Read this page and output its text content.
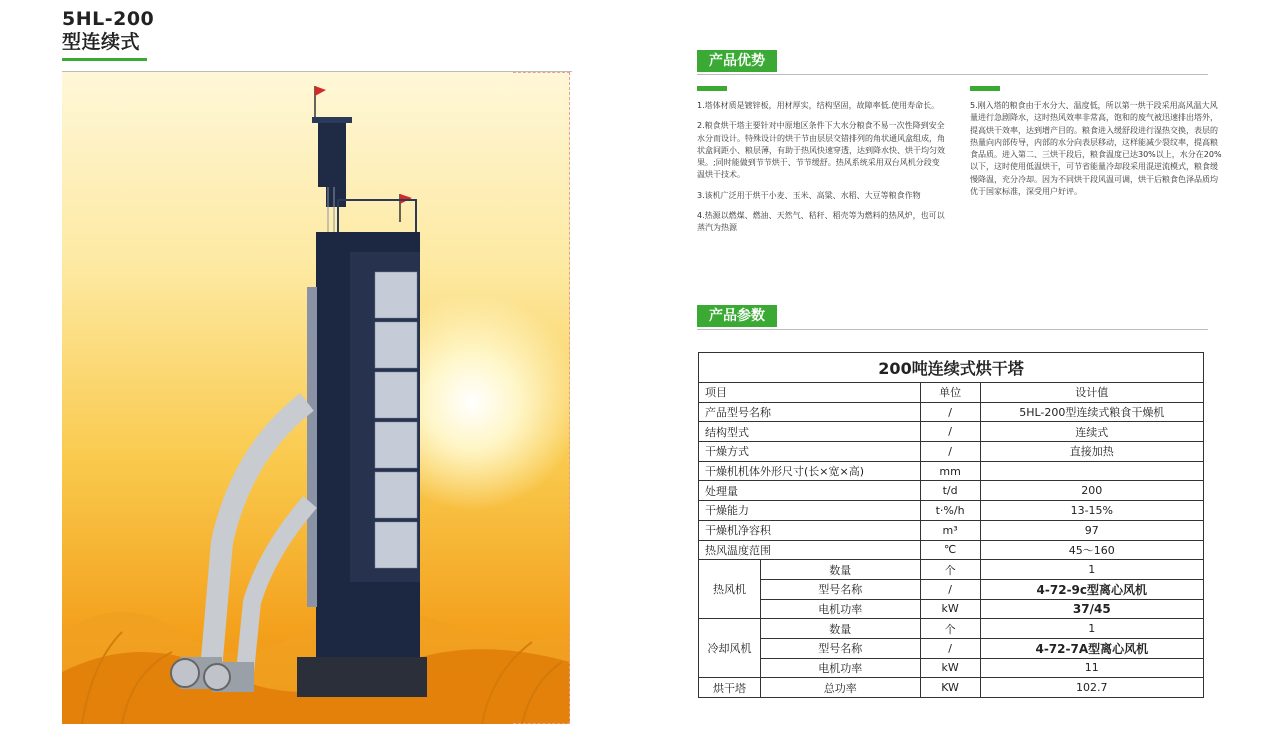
5HL-200
型连续式
产品优势

1.塔体材质是镀锌板，用材厚实，结构坚固，故障率低.使用寿命长。

2.粮食烘干塔主要针对中原地区条件下大水分粮食不易一次性降到安全水分而设计。特殊设计的烘干节由层层交错排列的角状通风盒组成，角状盒间距小、粮层薄，有助于热风快速穿透，达到降水快、烘干均匀效果。;同时能做到节节烘干、节节缓舒。热风系统采用双台风机分段变温烘干技术。

3.该机广泛用于烘干小麦、玉米、高粱、水稻、大豆等粮食作物

4.热源以燃煤、燃油、天然气、秸秆、稻壳等为燃料的热风炉，也可以蒸汽为热源

5.刚入塔的粮食由于水分大、温度低，所以第一烘干段采用高风温大风量进行急剧降水，这时热风效率非常高，饱和的废气被迅速排出塔外，提高烘干效率，达到增产目的。粮食进入缓舒段进行湿热交换，表层的热量向内部传导，内部的水分向表层移动，这样能减少裂纹率，提高粮食品质。进入第二、三烘干段后，粮食温度已达30%以上，水分在20%以下，这时使用低温烘干，可节省能量冷却段采用混逆流模式，粮食缓慢降温，充分冷却。因为不同烘干段风温可调，烘干后粮食色泽品质均优于国家标准，深受用户好评。

产品参数
200吨连续式烘干塔			
项目		单位	设计值
产品型号名称		/	5HL-200型连续式粮食干燥机
结构型式		/	连续式
干燥方式		/	直接加热
干燥机机体外形尺寸(长×宽×高)		mm	
处理量		t/d	200
干燥能力		t·%/h	13-15%
干燥机净容积		m³	97
热风温度范围		℃	45～160
热风机	数量	个	1
	型号名称	/	4-72-9c型离心风机
	电机功率	kW	37/45
冷却风机	数量	个	1
	型号名称	/	4-72-7A型离心风机
	电机功率	kW	11
烘干塔	总功率	KW	102.7
